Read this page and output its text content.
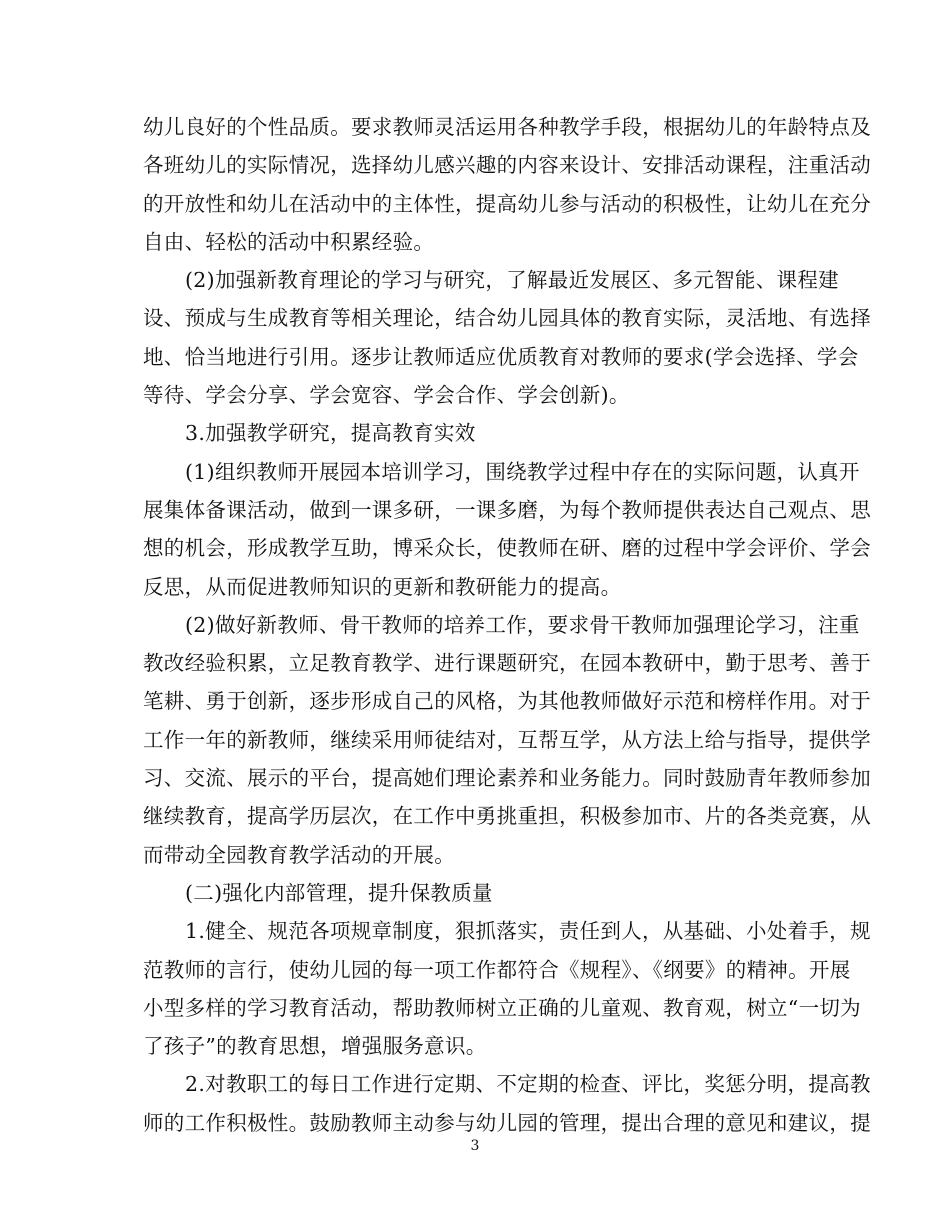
幼儿良好的个性品质。要求教师灵活运用各种教学手段，根据幼儿的年龄特点及
各班幼儿的实际情况，选择幼儿感兴趣的内容来设计、安排活动课程，注重活动
的开放性和幼儿在活动中的主体性，提高幼儿参与活动的积极性，让幼儿在充分
自由、轻松的活动中积累经验。
(2)加强新教育理论的学习与研究，了解最近发展区、多元智能、课程建
设、预成与生成教育等相关理论，结合幼儿园具体的教育实际，灵活地、有选择
地、恰当地进行引用。逐步让教师适应优质教育对教师的要求(学会选择、学会
等待、学会分享、学会宽容、学会合作、学会创新)。
3.加强教学研究，提高教育实效
(1)组织教师开展园本培训学习，围绕教学过程中存在的实际问题，认真开
展集体备课活动，做到一课多研，一课多磨，为每个教师提供表达自己观点、思
想的机会，形成教学互助，博采众长，使教师在研、磨的过程中学会评价、学会
反思，从而促进教师知识的更新和教研能力的提高。
(2)做好新教师、骨干教师的培养工作，要求骨干教师加强理论学习，注重
教改经验积累，立足教育教学、进行课题研究，在园本教研中，勤于思考、善于
笔耕、勇于创新，逐步形成自己的风格，为其他教师做好示范和榜样作用。对于
工作一年的新教师，继续采用师徒结对，互帮互学，从方法上给与指导，提供学
习、交流、展示的平台，提高她们理论素养和业务能力。同时鼓励青年教师参加
继续教育，提高学历层次，在工作中勇挑重担，积极参加市、片的各类竞赛，从
而带动全园教育教学活动的开展。
(二)强化内部管理，提升保教质量
1.健全、规范各项规章制度，狠抓落实，责任到人，从基础、小处着手，规
范教师的言行，使幼儿园的每一项工作都符合《规程》、《纲要》的精神。开展
小型多样的学习教育活动，帮助教师树立正确的儿童观、教育观，树立“一切为
了孩子”的教育思想，增强服务意识。
2.对教职工的每日工作进行定期、不定期的检查、评比，奖惩分明，提高教
师的工作积极性。鼓励教师主动参与幼儿园的管理，提出合理的意见和建议，提
3
